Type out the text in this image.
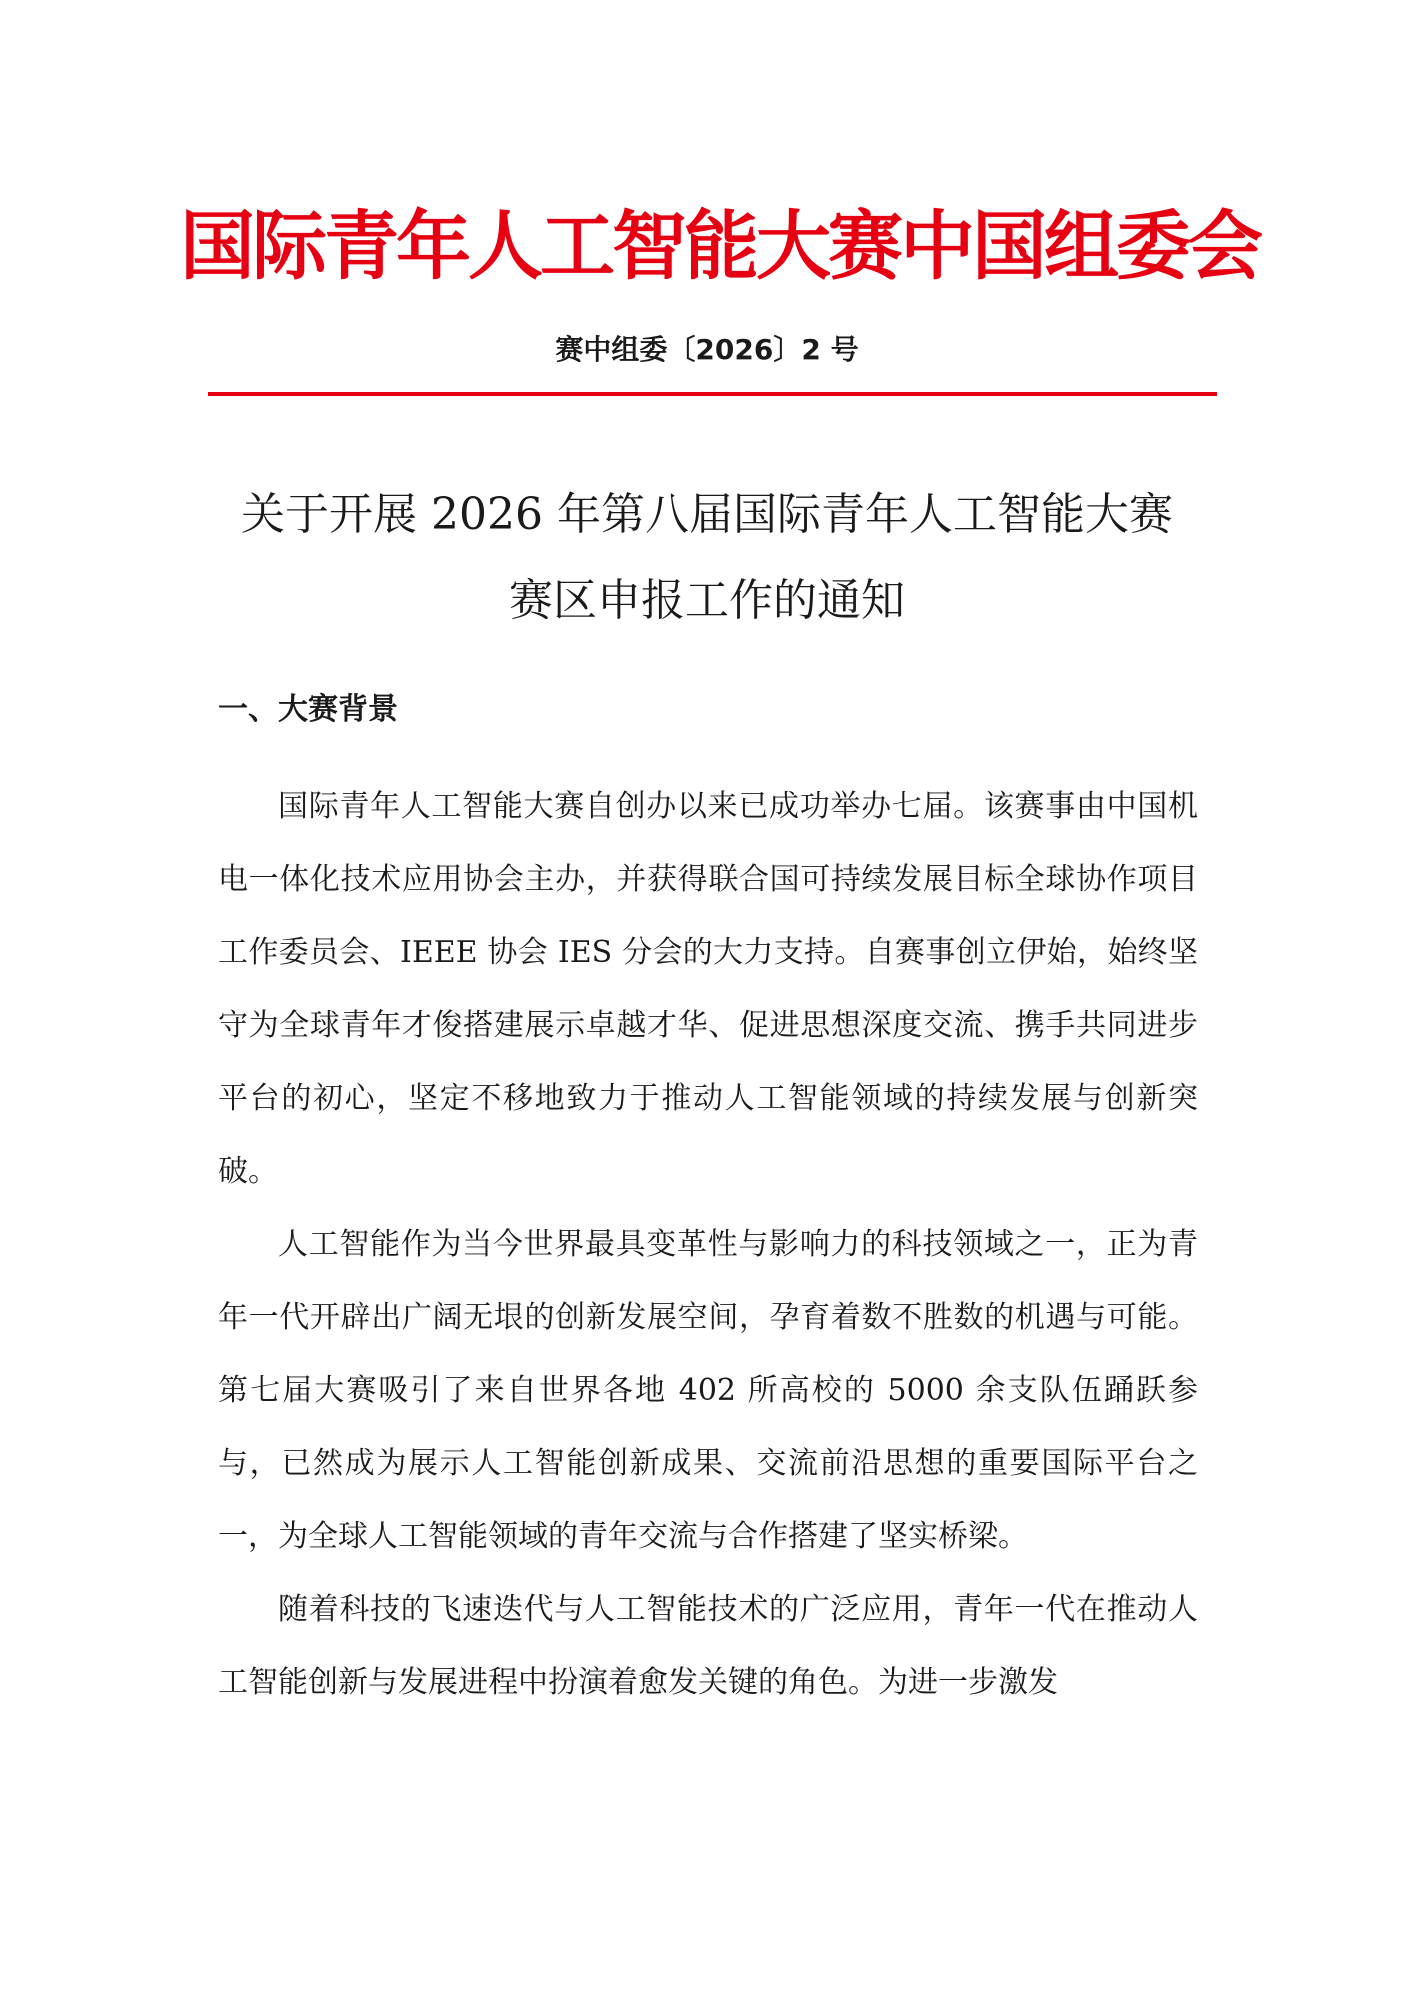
国际青年人工智能大赛中国组委会
赛中组委〔2026〕2 号
关于开展 2026 年第八届国际青年人工智能大赛
赛区申报工作的通知
一、大赛背景

国际青年人工智能大赛自创办以来已成功举办七届。该赛事由中国机电一体化技术应用协会主办，并获得联合国可持续发展目标全球协作项目工作委员会、IEEE 协会 IES 分会的大力支持。自赛事创立伊始，始终坚守为全球青年才俊搭建展示卓越才华、促进思想深度交流、携手共同进步平台的初心，坚定不移地致力于推动人工智能领域的持续发展与创新突破。

人工智能作为当今世界最具变革性与影响力的科技领域之一，正为青年一代开辟出广阔无垠的创新发展空间，孕育着数不胜数的机遇与可能。第七届大赛吸引了来自世界各地 402 所高校的 5000 余支队伍踊跃参与，已然成为展示人工智能创新成果、交流前沿思想的重要国际平台之一，为全球人工智能领域的青年交流与合作搭建了坚实桥梁。

随着科技的飞速迭代与人工智能技术的广泛应用，青年一代在推动人工智能创新与发展进程中扮演着愈发关键的角色。为进一步激发
